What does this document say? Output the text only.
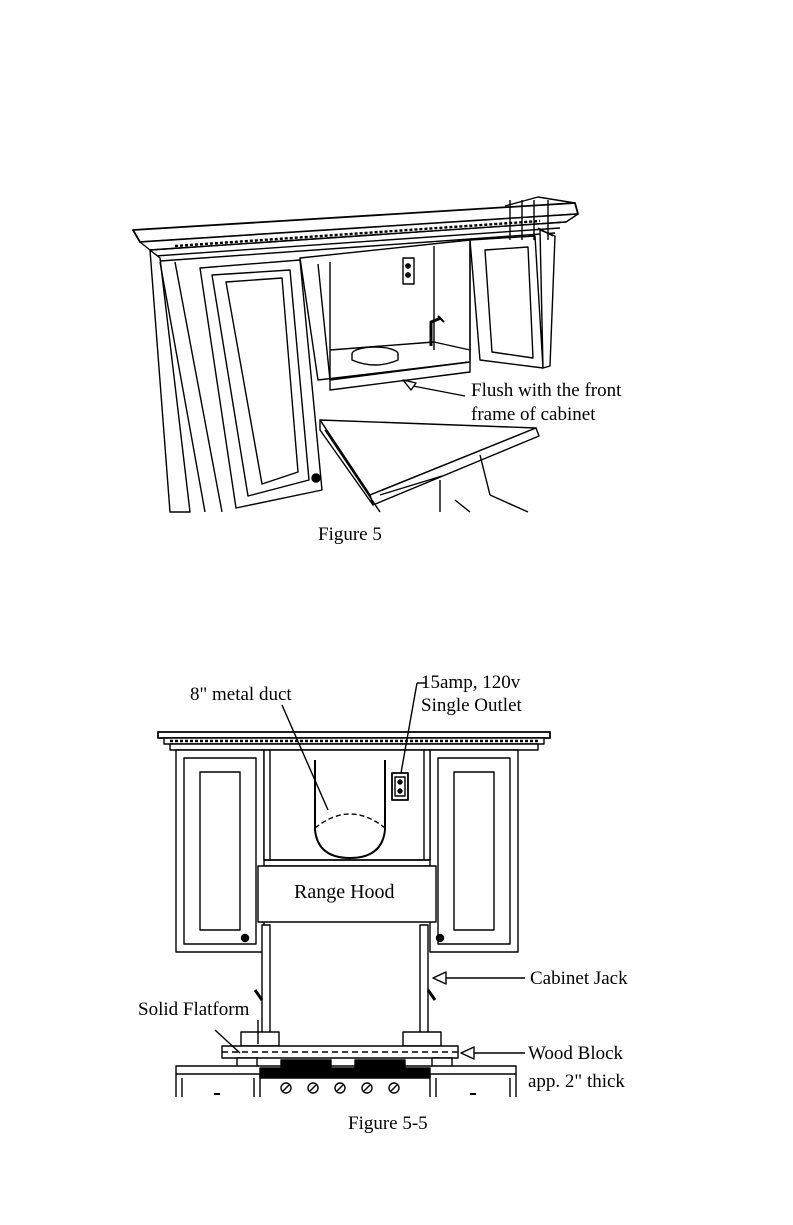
Flush with the front
frame of cabinet
Figure 5
8" metal duct
15amp, 120v
Single Outlet
Range Hood
Cabinet Jack
Solid Flatform
Wood Block
app. 2" thick
Figure 5-5
